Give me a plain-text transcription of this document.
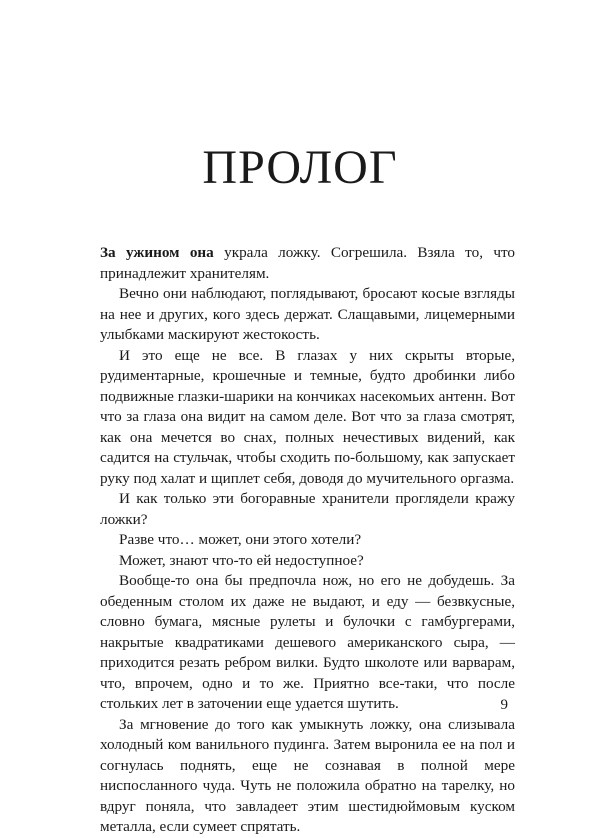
ПРОЛОГ

За ужином она украла ложку. Согрешила. Взяла то, что принадлежит хранителям.

Вечно они наблюдают, поглядывают, бросают косые взгляды на нее и других, кого здесь держат. Слащавыми, лицемерными улыбками маскируют жестокость.

И это еще не все. В глазах у них скрыты вторые, рудиментарные, крошечные и темные, будто дробинки либо подвижные глазки-шарики на кончиках насекомьих антенн. Вот что за глаза она видит на самом деле. Вот что за глаза смотрят, как она мечется во снах, полных нечестивых видений, как садится на стульчак, чтобы сходить по-большому, как запускает руку под халат и щиплет себя, доводя до мучительного оргазма.

И как только эти богоравные хранители проглядели кражу ложки?

Разве что… может, они этого хотели?

Может, знают что-то ей недоступное?

Вообще-то она бы предпочла нож, но его не добудешь. За обеденным столом их даже не выдают, и еду — безвкусные, словно бумага, мясные рулеты и булочки с гамбургерами, накрытые квадратиками дешевого американского сыра, — приходится резать ребром вилки. Будто школоте или варварам, что, впрочем, одно и то же. Приятно все-таки, что после стольких лет в заточении еще удается шутить.

За мгновение до того как умыкнуть ложку, она слизывала холодный ком ванильного пудинга. Затем выронила ее на пол и согнулась поднять, еще не сознавая в полной мере ниспосланного чуда. Чуть не положила обратно на тарелку, но вдруг поняла, что завладеет этим шестидюймовым куском металла, если сумеет спрятать.

9
